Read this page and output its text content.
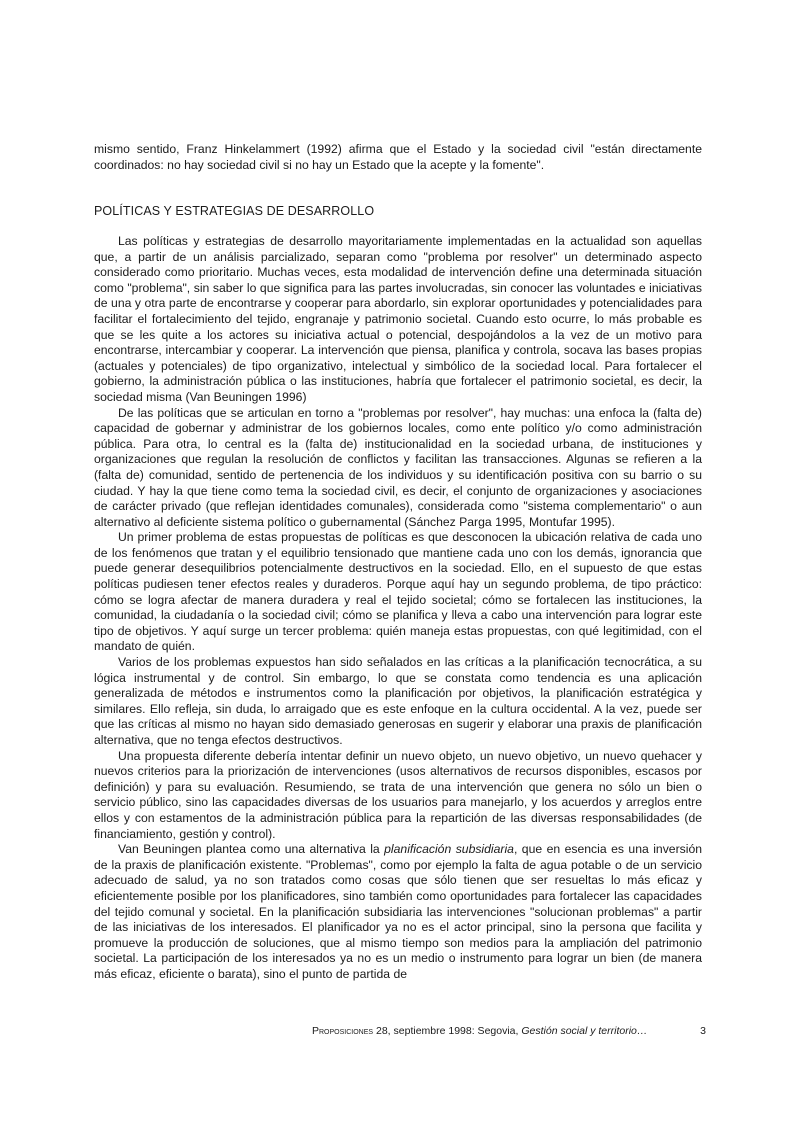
mismo sentido, Franz Hinkelammert (1992) afirma que el Estado y la sociedad civil "están directamente coordinados: no hay sociedad civil si no hay un Estado que la acepte y la fomente".

POLÍTICAS Y ESTRATEGIAS DE DESARROLLO

Las políticas y estrategias de desarrollo mayoritariamente implementadas en la actualidad son aquellas que, a partir de un análisis parcializado, separan como "problema por resolver" un determinado aspecto considerado como prioritario. Muchas veces, esta modalidad de intervención define una determinada situación como "problema", sin saber lo que significa para las partes involucradas, sin conocer las voluntades e iniciativas de una y otra parte de encontrarse y cooperar para abordarlo, sin explorar oportunidades y potencialidades para facilitar el fortalecimiento del tejido, engranaje y patrimonio societal. Cuando esto ocurre, lo más probable es que se les quite a los actores su iniciativa actual o potencial, despojándolos a la vez de un motivo para encontrarse, intercambiar y cooperar. La intervención que piensa, planifica y controla, socava las bases propias (actuales y potenciales) de tipo organizativo, intelectual y simbólico de la sociedad local. Para fortalecer el gobierno, la administración pública o las instituciones, habría que fortalecer el patrimonio societal, es decir, la sociedad misma (Van Beuningen 1996)

De las políticas que se articulan en torno a "problemas por resolver", hay muchas: una enfoca la (falta de) capacidad de gobernar y administrar de los gobiernos locales, como ente político y/o como administración pública. Para otra, lo central es la (falta de) institucionalidad en la sociedad urbana, de instituciones y organizaciones que regulan la resolución de conflictos y facilitan las transacciones. Algunas se refieren a la (falta de) comunidad, sentido de pertenencia de los individuos y su identificación positiva con su barrio o su ciudad. Y hay la que tiene como tema la sociedad civil, es decir, el conjunto de organizaciones y asociaciones de carácter privado (que reflejan identidades comunales), considerada como "sistema complementario" o aun alternativo al deficiente sistema político o gubernamental (Sánchez Parga 1995, Montufar 1995).

Un primer problema de estas propuestas de políticas es que desconocen la ubicación relativa de cada uno de los fenómenos que tratan y el equilibrio tensionado que mantiene cada uno con los demás, ignorancia que puede generar desequilibrios potencialmente destructivos en la sociedad. Ello, en el supuesto de que estas políticas pudiesen tener efectos reales y duraderos. Porque aquí hay un segundo problema, de tipo práctico: cómo se logra afectar de manera duradera y real el tejido societal; cómo se fortalecen las instituciones, la comunidad, la ciudadanía o la sociedad civil; cómo se planifica y lleva a cabo una intervención para lograr este tipo de objetivos. Y aquí surge un tercer problema: quién maneja estas propuestas, con qué legitimidad, con el mandato de quién.

Varios de los problemas expuestos han sido señalados en las críticas a la planificación tecnocrática, a su lógica instrumental y de control. Sin embargo, lo que se constata como tendencia es una aplicación generalizada de métodos e instrumentos como la planificación por objetivos, la planificación estratégica y similares. Ello refleja, sin duda, lo arraigado que es este enfoque en la cultura occidental. A la vez, puede ser que las críticas al mismo no hayan sido demasiado generosas en sugerir y elaborar una praxis de planificación alternativa, que no tenga efectos destructivos.

Una propuesta diferente debería intentar definir un nuevo objeto, un nuevo objetivo, un nuevo quehacer y nuevos criterios para la priorización de intervenciones (usos alternativos de recursos disponibles, escasos por definición) y para su evaluación. Resumiendo, se trata de una intervención que genera no sólo un bien o servicio público, sino las capacidades diversas de los usuarios para manejarlo, y los acuerdos y arreglos entre ellos y con estamentos de la administración pública para la repartición de las diversas responsabilidades (de financiamiento, gestión y control).

Van Beuningen plantea como una alternativa la planificación subsidiaria, que en esencia es una inversión de la praxis de planificación existente. "Problemas", como por ejemplo la falta de agua potable o de un servicio adecuado de salud, ya no son tratados como cosas que sólo tienen que ser resueltas lo más eficaz y eficientemente posible por los planificadores, sino también como oportunidades para fortalecer las capacidades del tejido comunal y societal. En la planificación subsidiaria las intervenciones "solucionan problemas" a partir de las iniciativas de los interesados. El planificador ya no es el actor principal, sino la persona que facilita y promueve la producción de soluciones, que al mismo tiempo son medios para la ampliación del patrimonio societal. La participación de los interesados ya no es un medio o instrumento para lograr un bien (de manera más eficaz, eficiente o barata), sino el punto de partida de

Proposiciones 28, septiembre 1998: Segovia, Gestión social y territorio…	3
